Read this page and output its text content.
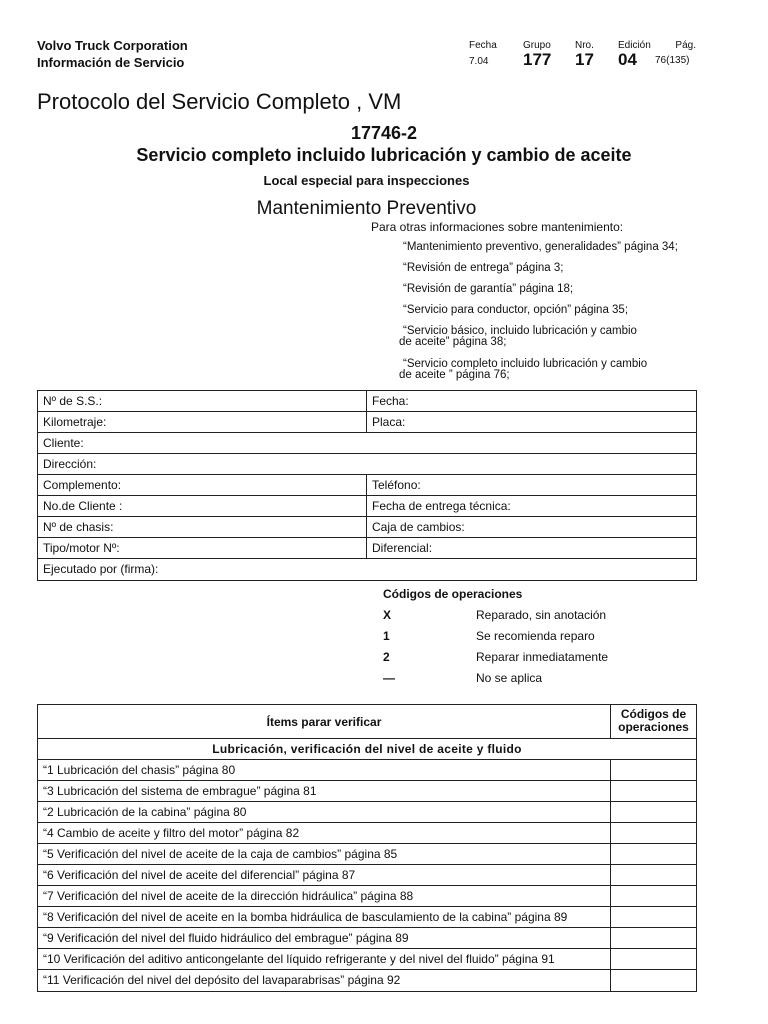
Volvo Truck Corporation
Información de Servicio
Fecha
7.04
Grupo
177
Nro.
17
Edición
04
Pág.
76(135)
Protocolo del Servicio Completo , VM
17746-2
Servicio completo incluido lubricación y cambio de aceite
Local especial para inspecciones
Mantenimiento Preventivo
Para otras informaciones sobre mantenimiento:
“Mantenimiento preventivo, generalidades” página 34;
“Revisión de entrega” página 3;
“Revisión de garantía” página 18;
“Servicio para conductor, opción” página 35;
“Servicio básico, incluido lubricación y cambio
de aceite” página 38;
“Servicio completo incluido lubricación y cambio
de aceite ” página 76;
Nº de S.S.:	Fecha:
Kilometraje:	Placa:
Cliente:
Dirección:
Complemento:	Teléfono:
No.de Cliente :	Fecha de entrega técnica:
Nº de chasis:	Caja de cambios:
Tipo/motor Nº:	Diferencial:
Ejecutado por (firma):
Códigos de operaciones
X	Reparado, sin anotación
1	Se recomienda reparo
2	Reparar inmediatamente
—	No se aplica
Ítems parar verificar
Códigos de
operaciones
Lubricación, verificación del nivel de aceite y fluido
“1 Lubricación del chasis” página 80
“3 Lubricación del sistema de embrague” página 81
“2 Lubricación de la cabina” página 80
“4 Cambio de aceite y filtro del motor” página 82
“5 Verificación del nivel de aceite de la caja de cambios” página 85
“6 Verificación del nivel de aceite del diferencial” página 87
“7 Verificación del nivel de aceite de la dirección hidráulica” página 88
“8 Verificación del nivel de aceite en la bomba hidráulica de basculamiento de la cabina” página 89
“9 Verificación del nivel del fluido hidráulico del embrague” página 89
“10 Verificación del aditivo anticongelante del líquido refrigerante y del nivel del fluido” página 91
“11 Verificación del nivel del depósito del lavaparabrisas” página 92
